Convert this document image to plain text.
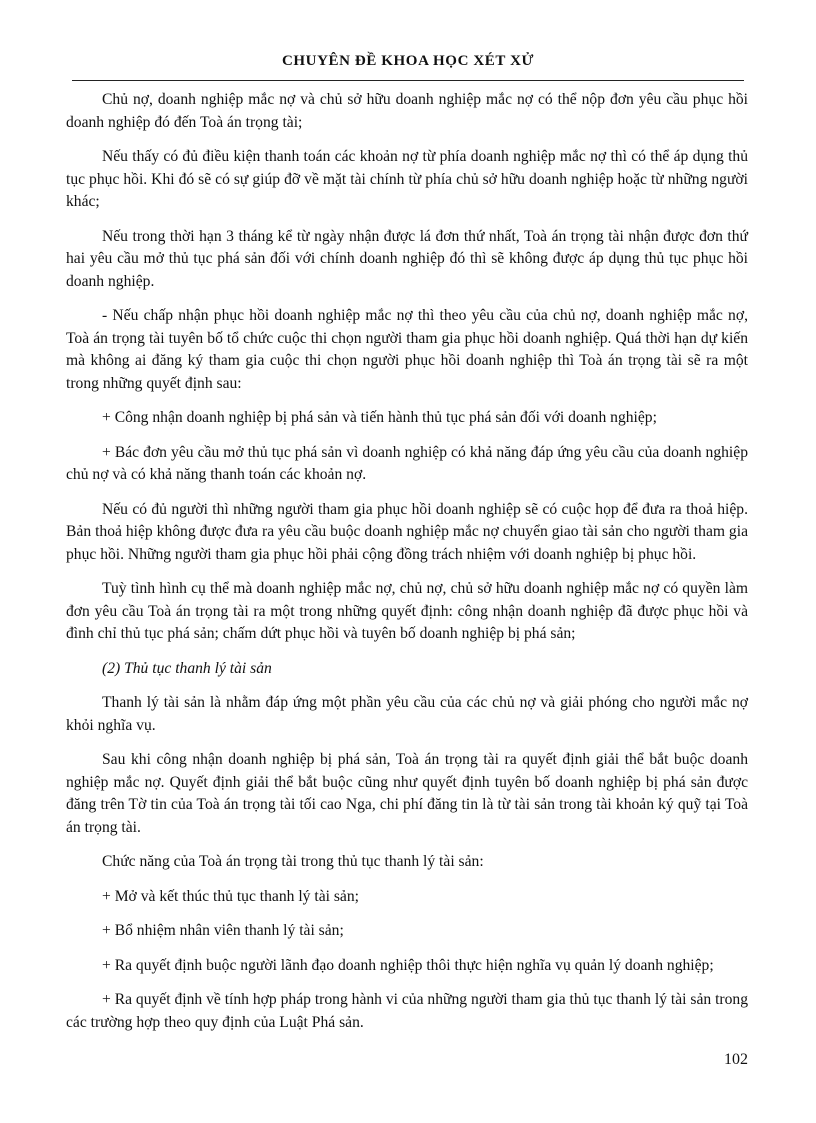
CHUYÊN ĐỀ KHOA HỌC XÉT XỬ

Chủ nợ, doanh nghiệp mắc nợ và chủ sở hữu doanh nghiệp mắc nợ có thể nộp đơn yêu cầu phục hồi doanh nghiệp đó đến Toà án trọng tài;

Nếu thấy có đủ điều kiện thanh toán các khoản nợ từ phía doanh nghiệp mắc nợ thì có thể áp dụng thủ tục phục hồi. Khi đó sẽ có sự giúp đỡ về mặt tài chính từ phía chủ sở hữu doanh nghiệp hoặc từ những người khác;

Nếu trong thời hạn 3 tháng kể từ ngày nhận được lá đơn thứ nhất, Toà án trọng tài nhận được đơn thứ hai yêu cầu mở thủ tục phá sản đối với chính doanh nghiệp đó thì sẽ không được áp dụng thủ tục phục hồi doanh nghiệp.

- Nếu chấp nhận phục hồi doanh nghiệp mắc nợ thì theo yêu cầu của chủ nợ, doanh nghiệp mắc nợ, Toà án trọng tài tuyên bố tổ chức cuộc thi chọn người tham gia phục hồi doanh nghiệp. Quá thời hạn dự kiến mà không ai đăng ký tham gia cuộc thi chọn người phục hồi doanh nghiệp thì Toà án trọng tài sẽ ra một trong những quyết định sau:

+ Công nhận doanh nghiệp bị phá sản và tiến hành thủ tục phá sản đối với doanh nghiệp;

+ Bác đơn yêu cầu mở thủ tục phá sản vì doanh nghiệp có khả năng đáp ứng yêu cầu của doanh nghiệp chủ nợ và có khả năng thanh toán các khoản nợ.

Nếu có đủ người thì những người tham gia phục hồi doanh nghiệp sẽ có cuộc họp để đưa ra thoả hiệp. Bản thoả hiệp không được đưa ra yêu cầu buộc doanh nghiệp mắc nợ chuyển giao tài sản cho người tham gia phục hồi. Những người tham gia phục hồi phải cộng đồng trách nhiệm với doanh nghiệp bị phục hồi.

Tuỳ tình hình cụ thể mà doanh nghiệp mắc nợ, chủ nợ, chủ sở hữu doanh nghiệp mắc nợ có quyền làm đơn yêu cầu Toà án trọng tài ra một trong những quyết định: công nhận doanh nghiệp đã được phục hồi và đình chỉ thủ tục phá sản; chấm dứt phục hồi và tuyên bố doanh nghiệp bị phá sản;

(2) Thủ tục thanh lý tài sản

Thanh lý tài sản là nhằm đáp ứng một phần yêu cầu của các chủ nợ và giải phóng cho người mắc nợ khỏi nghĩa vụ.

Sau khi công nhận doanh nghiệp bị phá sản, Toà án trọng tài ra quyết định giải thể bắt buộc doanh nghiệp mắc nợ. Quyết định giải thể bắt buộc cũng như quyết định tuyên bố doanh nghiệp bị phá sản được đăng trên Tờ tin của Toà án trọng tài tối cao Nga, chi phí đăng tin là từ tài sản trong tài khoản ký quỹ tại Toà án trọng tài.

Chức năng của Toà án trọng tài trong thủ tục thanh lý tài sản:

+ Mở và kết thúc thủ tục thanh lý tài sản;

+ Bổ nhiệm nhân viên thanh lý tài sản;

+ Ra quyết định buộc người lãnh đạo doanh nghiệp thôi thực hiện nghĩa vụ quản lý doanh nghiệp;

+ Ra quyết định về tính hợp pháp trong hành vi của những người tham gia thủ tục thanh lý tài sản trong các trường hợp theo quy định của Luật Phá sản.

102
